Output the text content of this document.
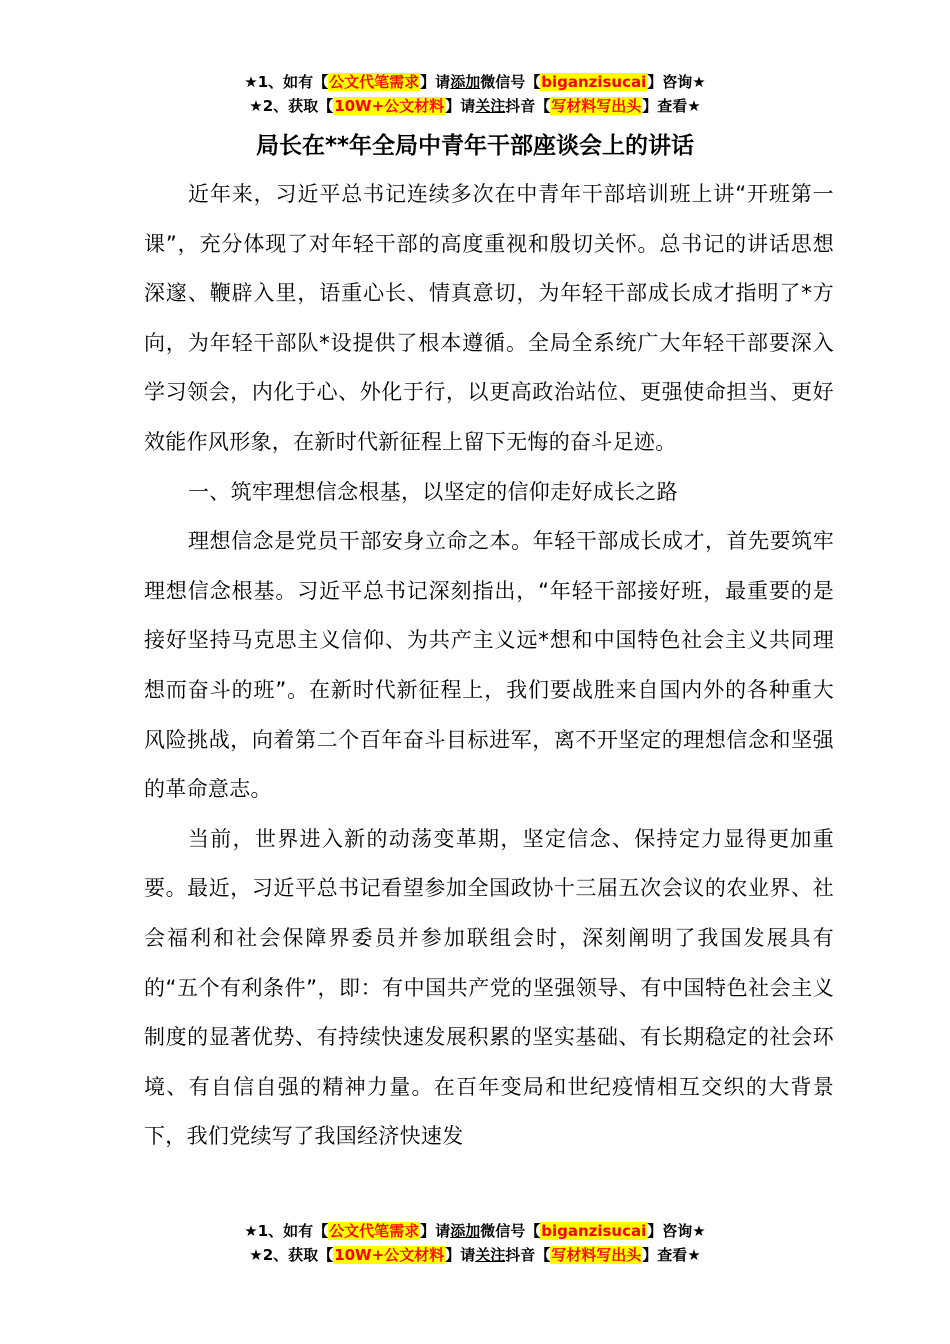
★1、如有【公文代笔需求】请添加微信号【biganzisucai】咨询★
★2、获取【10W+公文材料】请关注抖音【写材料写出头】查看★
局长在**年全局中青年干部座谈会上的讲话

近年来，习近平总书记连续多次在中青年干部培训班上讲“开班第一课”，充分体现了对年轻干部的高度重视和殷切关怀。总书记的讲话思想深邃、鞭辟入里，语重心长、情真意切，为年轻干部成长成才指明了*方向，为年轻干部队*设提供了根本遵循。全局全系统广大年轻干部要深入学习领会，内化于心、外化于行，以更高政治站位、更强使命担当、更好效能作风形象，在新时代新征程上留下无悔的奋斗足迹。

一、筑牢理想信念根基，以坚定的信仰走好成长之路

理想信念是党员干部安身立命之本。年轻干部成长成才，首先要筑牢理想信念根基。习近平总书记深刻指出，“年轻干部接好班，最重要的是接好坚持马克思主义信仰、为共产主义远*想和中国特色社会主义共同理想而奋斗的班”。在新时代新征程上，我们要战胜来自国内外的各种重大风险挑战，向着第二个百年奋斗目标进军，离不开坚定的理想信念和坚强的革命意志。

当前，世界进入新的动荡变革期，坚定信念、保持定力显得更加重要。最近，习近平总书记看望参加全国政协十三届五次会议的农业界、社会福利和社会保障界委员并参加联组会时，深刻阐明了我国发展具有的“五个有利条件”，即：有中国共产党的坚强领导、有中国特色社会主义制度的显著优势、有持续快速发展积累的坚实基础、有长期稳定的社会环境、有自信自强的精神力量。在百年变局和世纪疫情相互交织的大背景下，我们党续写了我国经济快速发

★1、如有【公文代笔需求】请添加微信号【biganzisucai】咨询★
★2、获取【10W+公文材料】请关注抖音【写材料写出头】查看★
